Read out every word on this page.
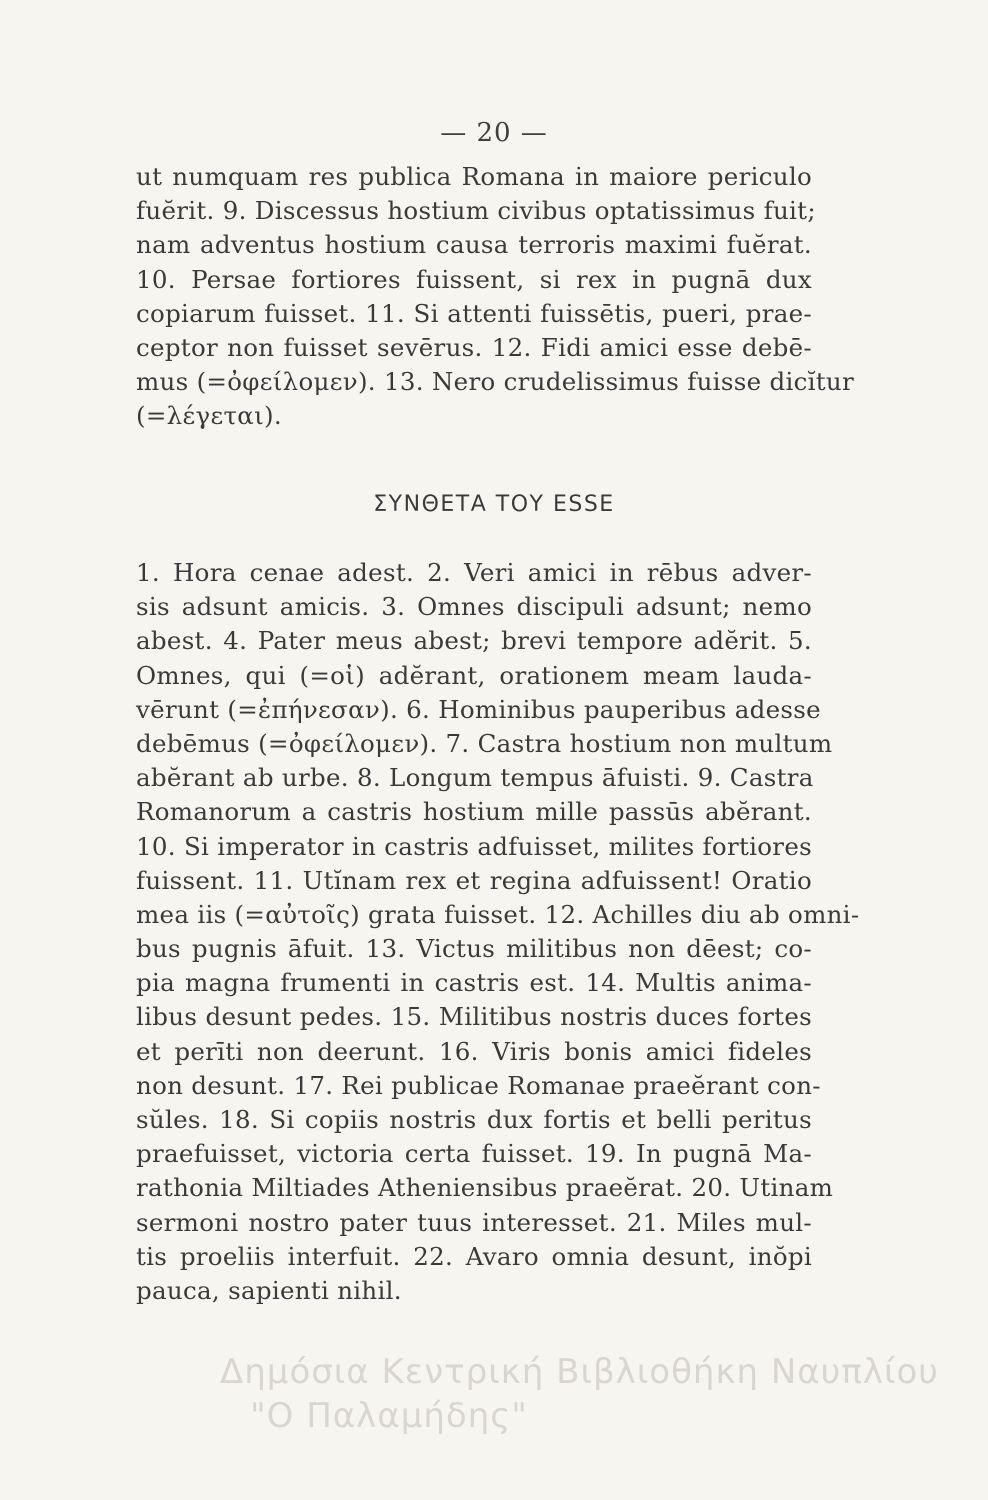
— 20 —
ut numquam res publica Romana in maiore periculo
fuĕrit. 9. Discessus hostium civibus optatissimus fuit;
nam adventus hostium causa terroris maximi fuĕrat.
10. Persae fortiores fuissent, si rex in pugnā dux
copiarum fuisset. 11. Si attenti fuissētis, pueri, prae-
ceptor non fuisset sevērus. 12. Fidi amici esse debē-
mus (=ὀφείλομεν). 13. Nero crudelissimus fuisse dicĭtur
(=λέγεται).
ΣΥΝΘΕΤΑ ΤΟΥ ESSE
1. Hora cenae adest. 2. Veri amici in rēbus adver-
sis adsunt amicis. 3. Omnes discipuli adsunt; nemo
abest. 4. Pater meus abest; brevi tempore adĕrit. 5.
Omnes, qui (=οἱ) adĕrant, orationem meam lauda-
vērunt (=ἐπήνεσαν). 6. Hominibus pauperibus adesse
debēmus (=ὀφείλομεν). 7. Castra hostium non multum
abĕrant ab urbe. 8. Longum tempus āfuisti. 9. Castra
Romanorum a castris hostium mille passūs abĕrant.
10. Si imperator in castris adfuisset, milites fortiores
fuissent. 11. Utĭnam rex et regina adfuissent! Oratio
mea iis (=αὐτοῖς) grata fuisset. 12. Achilles diu ab omni-
bus pugnis āfuit. 13. Victus militibus non dēest; co-
pia magna frumenti in castris est. 14. Multis anima-
libus desunt pedes. 15. Militibus nostris duces fortes
et perīti non deerunt. 16. Viris bonis amici fideles
non desunt. 17. Rei publicae Romanae praeĕrant con-
sŭles. 18. Si copiis nostris dux fortis et belli peritus
praefuisset, victoria certa fuisset. 19. In pugnā Ma-
rathonia Miltiades Atheniensibus praeĕrat. 20. Utinam
sermoni nostro pater tuus interesset. 21. Miles mul-
tis proeliis interfuit. 22. Avaro omnia desunt, inŏpi
pauca, sapienti nihil.
Δημόσια Κεντρική Βιβλιοθήκη Ναυπλίου
"Ο Παλαμήδης"
